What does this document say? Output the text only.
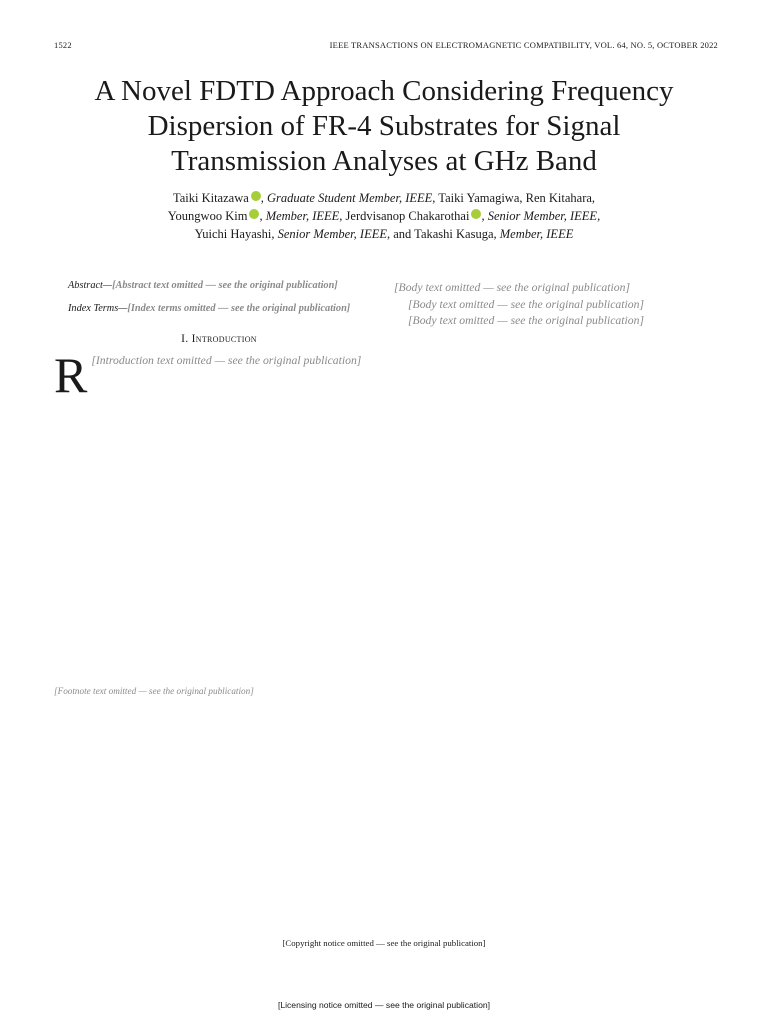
1522	IEEE TRANSACTIONS ON ELECTROMAGNETIC COMPATIBILITY, VOL. 64, NO. 5, OCTOBER 2022
A Novel FDTD Approach Considering Frequency
Dispersion of FR-4 Substrates for Signal
Transmission Analyses at GHz Band
Taiki Kitazawa , Graduate Student Member, IEEE, Taiki Yamagiwa, Ren Kitahara,
Youngwoo Kim , Member, IEEE, Jerdvisanop Chakarothai , Senior Member, IEEE,
Yuichi Hayashi, Senior Member, IEEE, and Takashi Kasuga, Member, IEEE

Abstract—[Abstract text omitted — see the original publication]

Index Terms—[Index terms omitted — see the original publication]

I. Introduction

R [Introduction text omitted — see the original publication]

[Footnote text omitted — see the original publication]

[Body text omitted — see the original publication]

[Body text omitted — see the original publication]

[Body text omitted — see the original publication]

[Copyright notice omitted — see the original publication]
[Licensing notice omitted — see the original publication]
